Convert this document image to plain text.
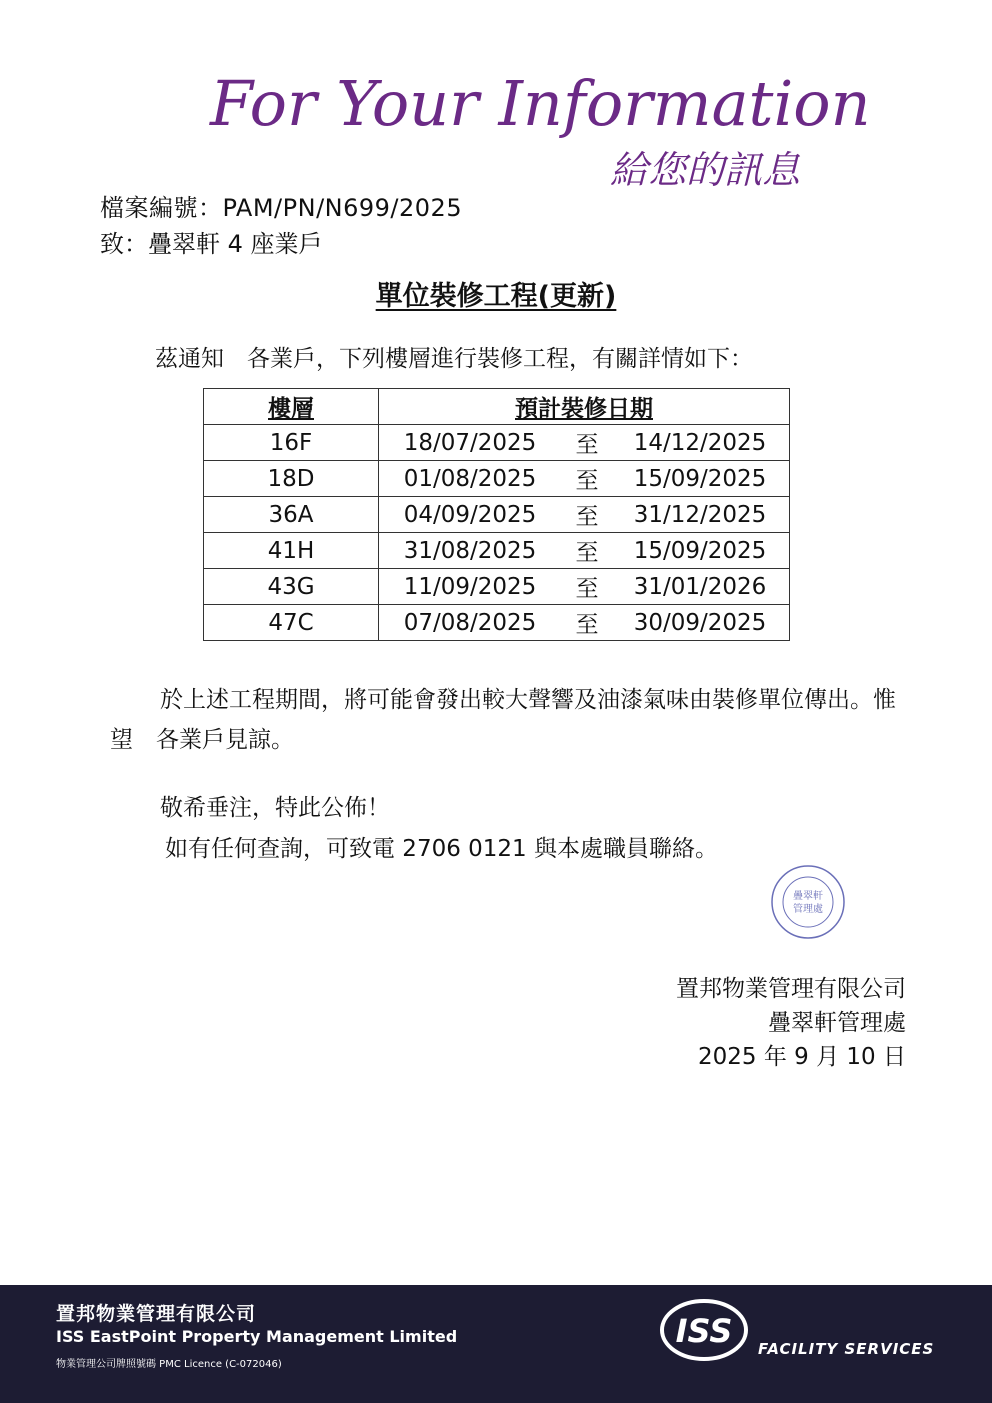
For Your Information
給您的訊息
檔案編號：PAM/PN/N699/2025
致：疊翠軒 4 座業戶
單位裝修工程(更新)
茲通知　各業戶，下列樓層進行裝修工程，有關詳情如下：
樓層	預計裝修日期
16F	18/07/2025 至 14/12/2025

18D	01/08/2025 至 15/09/2025

36A	04/09/2025 至 31/12/2025

41H	31/08/2025 至 15/09/2025

43G	11/09/2025 至 31/01/2026

47C	07/08/2025 至 30/09/2025
於上述工程期間，將可能會發出較大聲響及油漆氣味由裝修單位傳出。惟望　各業戶見諒。
敬希垂注，特此公佈！
如有任何查詢，可致電 2706 0121 與本處職員聯絡。
疊翠軒
管理處
置邦物業管理有限公司
疊翠軒管理處
2025 年 9 月 10 日
置邦物業管理有限公司
ISS EastPoint Property Management Limited
物業管理公司牌照號碼 PMC Licence (C-072046)
ISS FACILITY SERVICES
